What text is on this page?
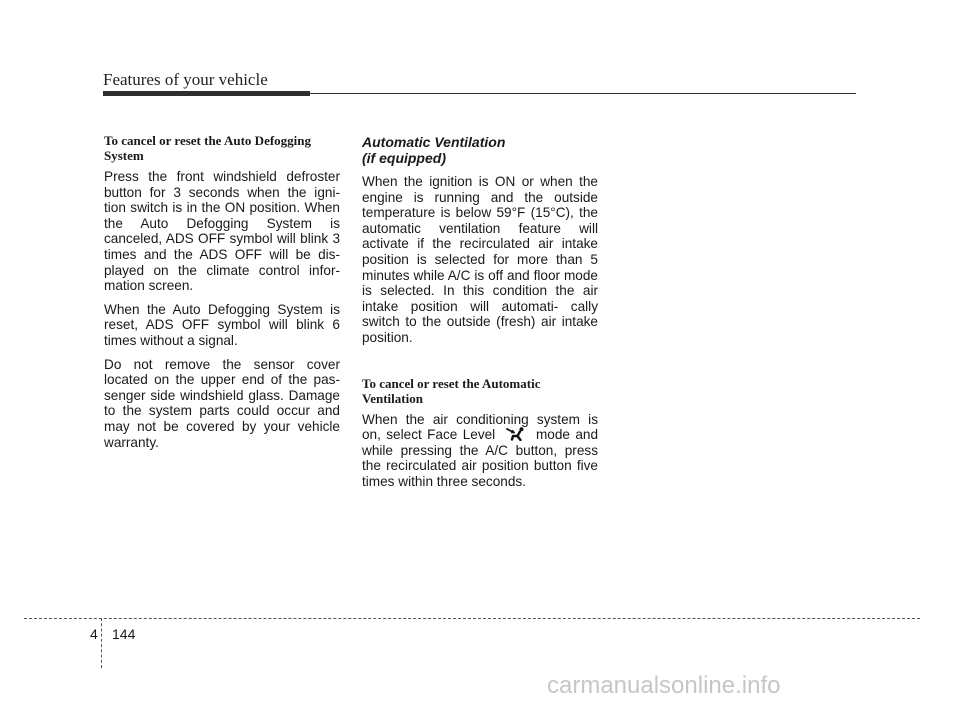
Features of your vehicle
To cancel or reset the Auto Defogging System

Press the front windshield defroster button for 3 seconds when the igni- tion switch is in the ON position. When the Auto Defogging System is canceled, ADS OFF symbol will blink 3 times and the ADS OFF will be dis- played on the climate control infor- mation screen.

When the Auto Defogging System is reset, ADS OFF symbol will blink 6 times without a signal.

Do not remove the sensor cover located on the upper end of the pas- senger side windshield glass. Damage to the system parts could occur and may not be covered by your vehicle warranty.

Automatic Ventilation
(if equipped)

When the ignition is ON or when the engine is running and the outside temperature is below 59°F (15°C), the automatic ventilation feature will activate if the recirculated air intake position is selected for more than 5 minutes while A/C is off and floor mode is selected. In this condition the air intake position will automati- cally switch to the outside (fresh) air intake position.

To cancel or reset the Automatic Ventilation

When the air conditioning system is on, select Face Level	mode and while pressing the A/C button, press the recirculated air position button five times within three seconds.

4 144
carmanualsonline.info
